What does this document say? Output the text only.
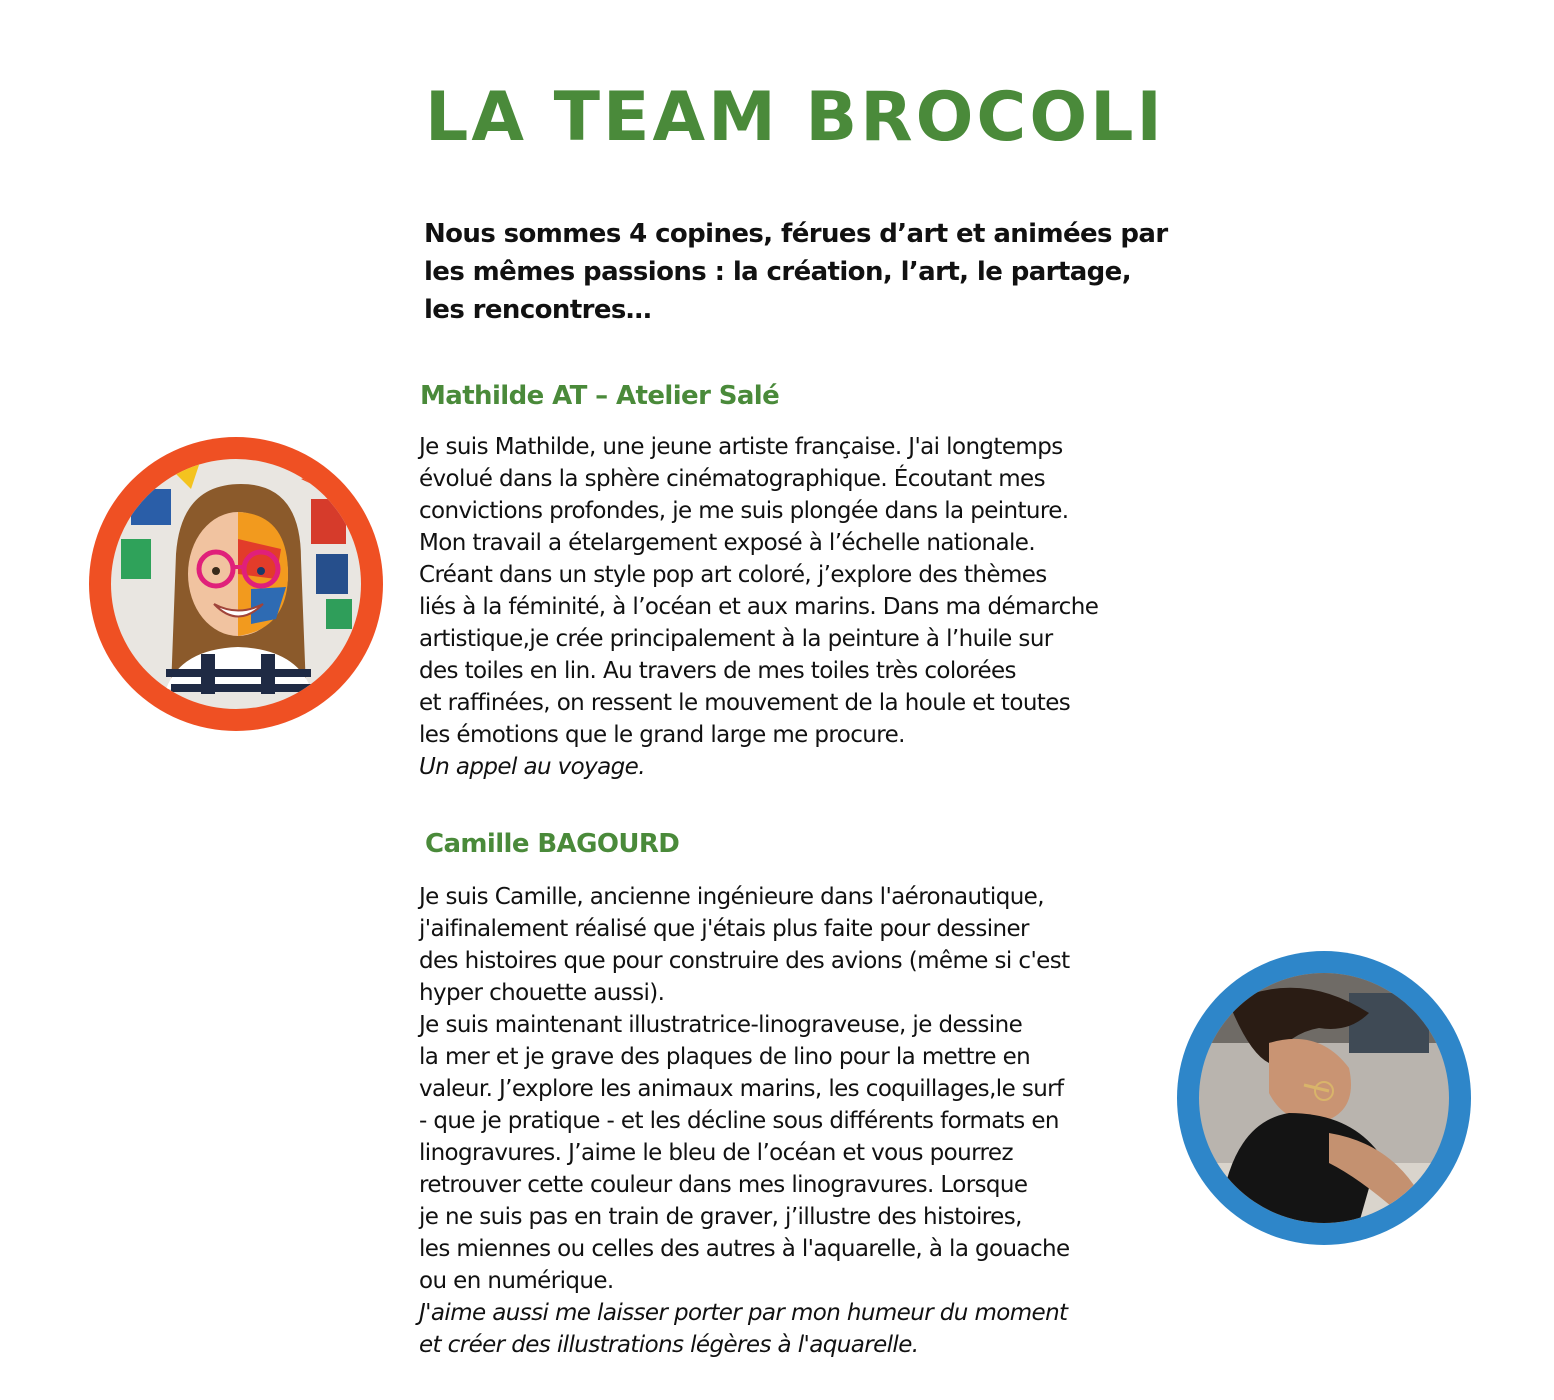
LA TEAM BROCOLI

Nous sommes 4 copines, férues d’art et animées par
les mêmes passions : la création, l’art, le partage,
les rencontres…

Mathilde AT – Atelier Salé
Je suis Mathilde, une jeune artiste française. J'ai longtemps
évolué dans la sphère cinématographique. Écoutant mes
convictions profondes, je me suis plongée dans la peinture.
Mon travail a ételargement exposé à l’échelle nationale.
Créant dans un style pop art coloré, j’explore des thèmes
liés à la féminité, à l’océan et aux marins. Dans ma démarche
artistique,je crée principalement à la peinture à l’huile sur
des toiles en lin. Au travers de mes toiles très colorées
et raffinées, on ressent le mouvement de la houle et toutes
les émotions que le grand large me procure.
Un appel au voyage.
Camille BAGOURD
Je suis Camille, ancienne ingénieure dans l'aéronautique,
j'aifinalement réalisé que j'étais plus faite pour dessiner
des histoires que pour construire des avions (même si c'est
hyper chouette aussi).
Je suis maintenant illustratrice-linograveuse, je dessine
la mer et je grave des plaques de lino pour la mettre en
valeur. J’explore les animaux marins, les coquillages,le surf
- que je pratique - et les décline sous différents formats en
linogravures. J’aime le bleu de l’océan et vous pourrez
retrouver cette couleur dans mes linogravures. Lorsque
je ne suis pas en train de graver, j’illustre des histoires,
les miennes ou celles des autres à l'aquarelle, à la gouache
ou en numérique.
J'aime aussi me laisser porter par mon humeur du moment
et créer des illustrations légères à l'aquarelle.
